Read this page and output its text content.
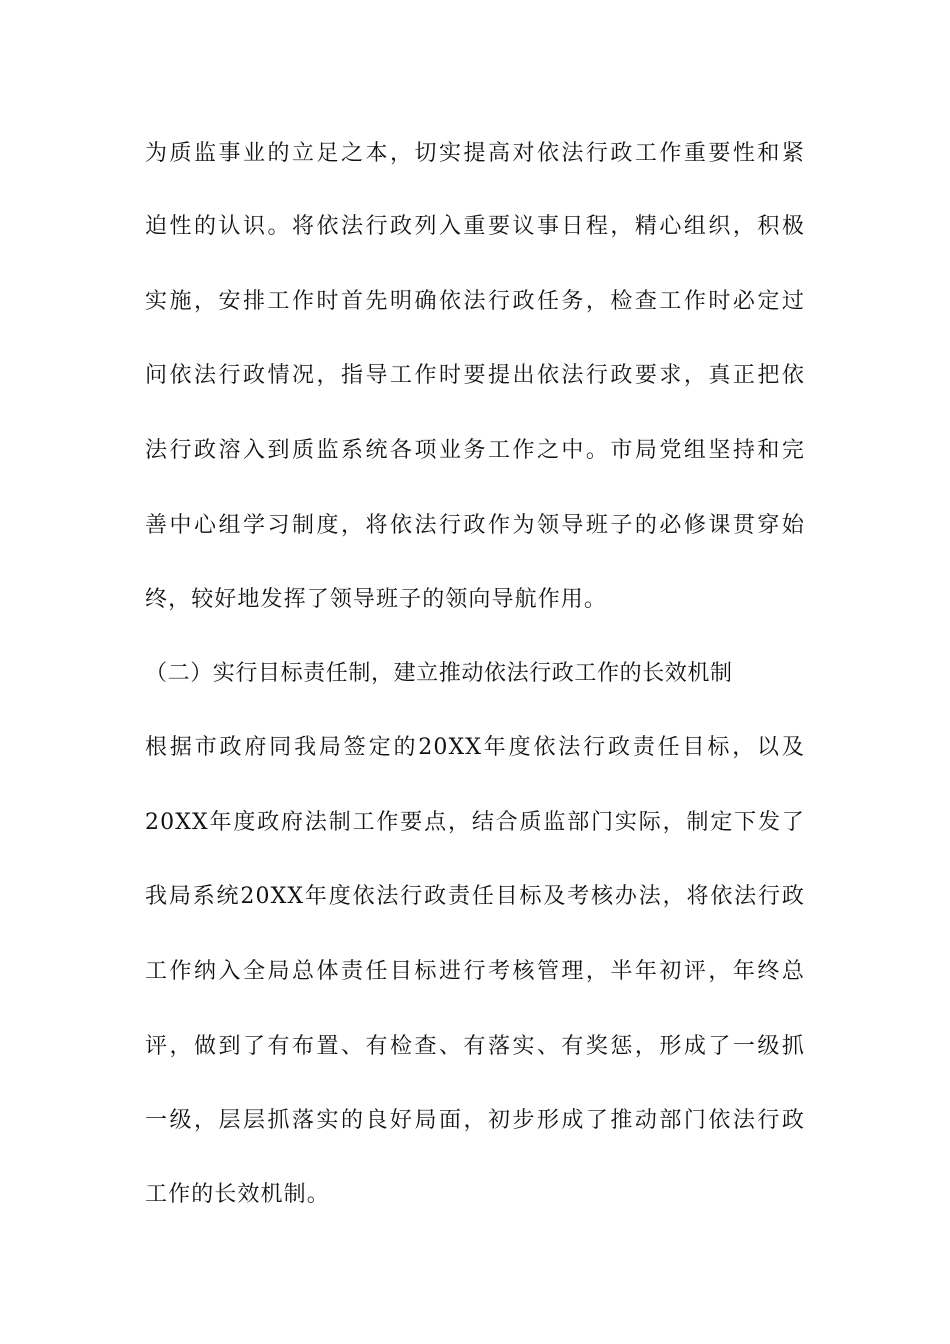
为质监事业的立足之本，切实提高对依法行政工作重要性和紧
迫性的认识。将依法行政列入重要议事日程，精心组织，积极
实施，安排工作时首先明确依法行政任务，检查工作时必定过
问依法行政情况，指导工作时要提出依法行政要求，真正把依
法行政溶入到质监系统各项业务工作之中。市局党组坚持和完
善中心组学习制度，将依法行政作为领导班子的必修课贯穿始
终，较好地发挥了领导班子的领向导航作用。
（二）实行目标责任制，建立推动依法行政工作的长效机制
根据市政府同我局签定的20XX年度依法行政责任目标，以及
20XX年度政府法制工作要点，结合质监部门实际，制定下发了
我局系统20XX年度依法行政责任目标及考核办法，将依法行政
工作纳入全局总体责任目标进行考核管理，半年初评，年终总
评，做到了有布置、有检查、有落实、有奖惩，形成了一级抓
一级，层层抓落实的良好局面，初步形成了推动部门依法行政
工作的长效机制。
